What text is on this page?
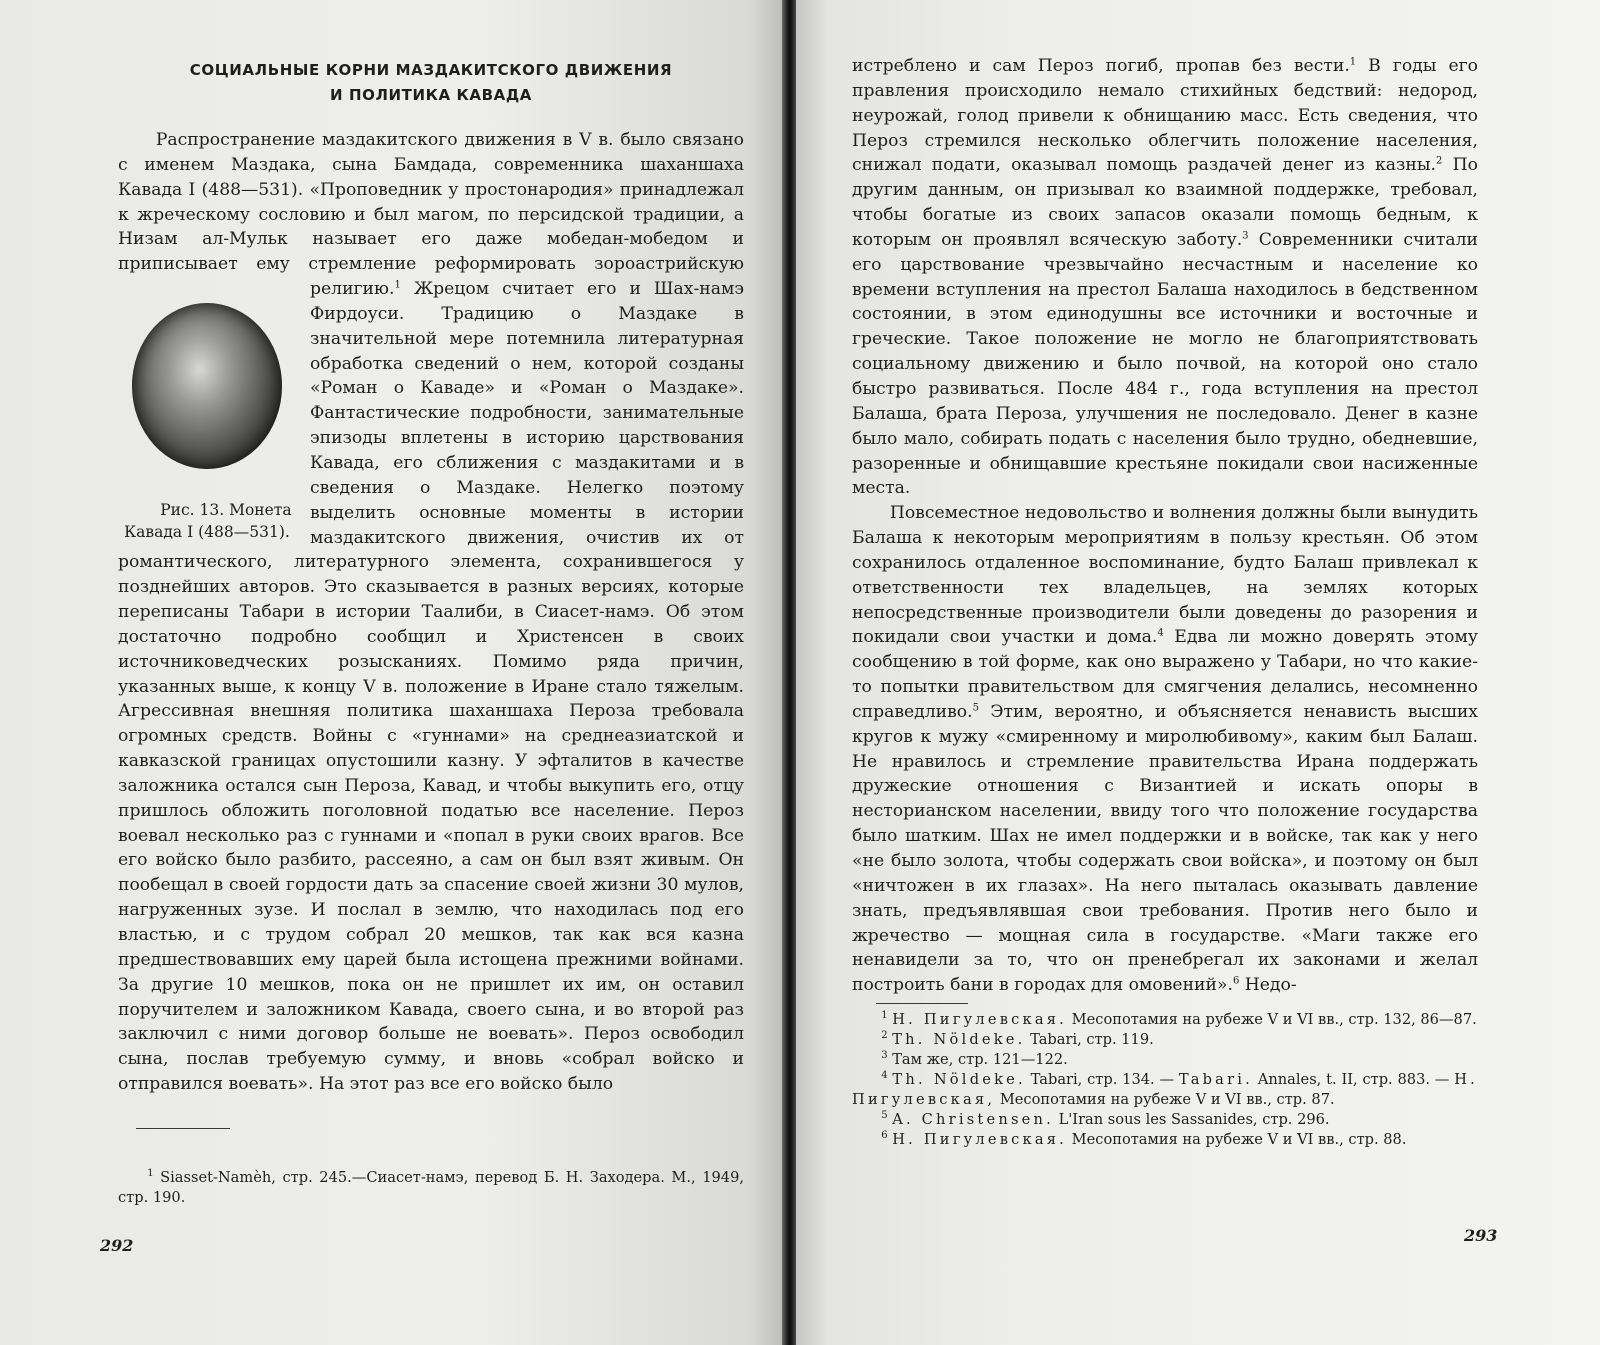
СОЦИАЛЬНЫЕ КОРНИ МАЗДАКИТСКОГО ДВИЖЕНИЯ
И ПОЛИТИКА КАВАДА

Распространение маздакитского движения в V в. было связано с именем Маздака, сына Бамдада, современника шаханшаха Кавада I (488—531). «Проповедник у простонародия» принадлежал к жреческому сословию и был магом, по персидской традиции, а Низам ал-Мульк называет его даже мобедан-мобедом и приписывает ему стремление реформировать зороастрийскую религию.$^1$
Рис. 13. Монета Кавада I (488—531).
Жрецом считает его и Шах-намэ Фирдоуси. Традицию о Маздаке в значительной мере потемнила литературная обработка сведений о нем, которой созданы «Роман о Каваде» и «Роман о Маздаке». Фантастические подробности, занимательные эпизоды вплетены в историю царствования Кавада, его сближения с маздакитами и в сведения о Маздаке. Нелегко поэтому выделить основные моменты в истории маздакитского движения, очистив их от романтического, литературного элемента, сохранившегося у позднейших авторов. Это сказывается в разных версиях, которые переписаны Табари в истории Таалиби, в Сиасет-намэ. Об этом достаточно подробно сообщил и Христенсен в своих источниковедческих розысканиях. Помимо ряда причин, указанных выше, к концу V в. положение в Иране стало тяжелым. Агрессивная внешняя политика шаханшаха Пероза требовала огромных средств. Войны с «гуннами» на среднеазиатской и кавказской границах опустошили казну. У эфталитов в качестве заложника остался сын Пероза, Кавад, и чтобы выкупить его, отцу пришлось обложить поголовной податью все население. Пероз воевал несколько раз с гуннами и «попал в руки своих врагов. Все его войско было разбито, рассеяно, а сам он был взят живым. Он пообещал в своей гордости дать за спасение своей жизни 30 мулов, нагруженных зузе. И послал в землю, что находилась под его властью, и с трудом собрал 20 мешков, так как вся казна предшествовавших ему царей была истощена прежними войнами. За другие 10 мешков, пока он не пришлет их им, он оставил поручителем и заложником Кавада, своего сына, и во второй раз заключил с ними договор больше не воевать». Пероз освободил сына, послав требуемую сумму, и вновь «собрал войско и отправился воевать». На этот раз все его войско было

$^1$ Siasset-Namèh, стр. 245.—Сиасет-намэ, перевод Б. Н. Заходера. М., 1949, стр. 190.

292

истреблено и сам Пероз погиб, пропав без вести.$^1$ В годы его правления происходило немало стихийных бедствий: недород, неурожай, голод привели к обнищанию масс. Есть сведения, что Пероз стремился несколько облегчить положение населения, снижал подати, оказывал помощь раздачей денег из казны.$^2$ По другим данным, он призывал ко взаимной поддержке, требовал, чтобы богатые из своих запасов оказали помощь бедным, к которым он проявлял всяческую заботу.$^3$ Современники считали его царствование чрезвычайно несчастным и население ко времени вступления на престол Балаша находилось в бедственном состоянии, в этом единодушны все источники и восточные и греческие. Такое положение не могло не благоприятствовать социальному движению и было почвой, на которой оно стало быстро развиваться. После 484 г., года вступления на престол Балаша, брата Пероза, улучшения не последовало. Денег в казне было мало, собирать подать с населения было трудно, обедневшие, разоренные и обнищавшие крестьяне покидали свои насиженные места.

Повсеместное недовольство и волнения должны были вынудить Балаша к некоторым мероприятиям в пользу крестьян. Об этом сохранилось отдаленное воспоминание, будто Балаш привлекал к ответственности тех владельцев, на землях которых непосредственные производители были доведены до разорения и покидали свои участки и дома.$^4$ Едва ли можно доверять этому сообщению в той форме, как оно выражено у Табари, но что какие-то попытки правительством для смягчения делались, несомненно справедливо.$^5$ Этим, вероятно, и объясняется ненависть высших кругов к мужу «смиренному и миролюбивому», каким был Балаш. Не нравилось и стремление правительства Ирана поддержать дружеские отношения с Византией и искать опоры в несторианском населении, ввиду того что положение государства было шатким. Шах не имел поддержки и в войске, так как у него «не было золота, чтобы содержать свои войска», и поэтому он был «ничтожен в их глазах». На него пыталась оказывать давление знать, предъявлявшая свои требования. Против него было и жречество — мощная сила в государстве. «Маги также его ненавидели за то, что он пренебрегал их законами и желал построить бани в городах для омовений».$^6$ Недо-

$^1$ Н. Пигулевская. Месопотамия на рубеже V и VI вв., стр. 132, 86—87.

$^2$ Th. Nöldeke. Tabari, стр. 119.

$^3$ Там же, стр. 121—122.

$^4$ Th. Nöldeke. Tabari, стр. 134. — Tabari. Annales, t. II, стр. 883. — Н. Пигулевская, Месопотамия на рубеже V и VI вв., стр. 87.

$^5$ A. Christensen. L'Iran sous les Sassanides, стр. 296.

$^6$ Н. Пигулевская. Месопотамия на рубеже V и VI вв., стр. 88.

293
